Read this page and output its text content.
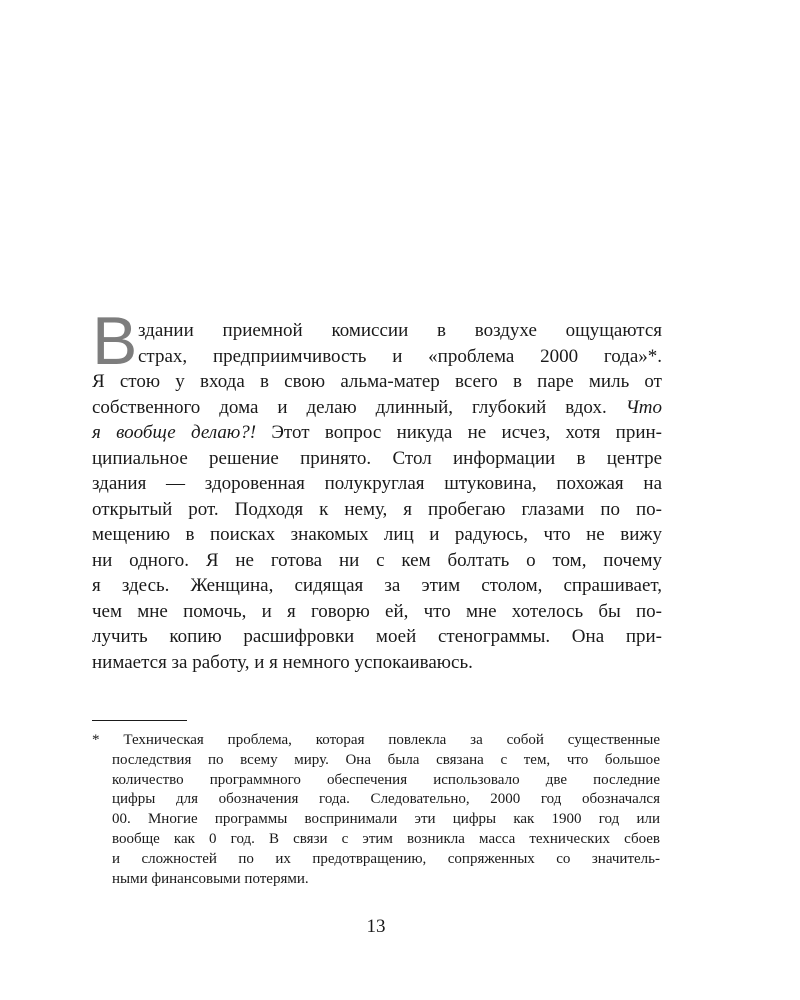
В здании приемной комиссии в воздухе ощущаются
страх, предприимчивость и «проблема 2000 года»*.
Я стою у входа в свою альма-матер всего в паре миль от
собственного дома и делаю длинный, глубокий вдох. Что
я вообще делаю?! Этот вопрос никуда не исчез, хотя прин-
ципиальное решение принято. Стол информации в центре
здания — здоровенная полукруглая штуковина, похожая на
открытый рот. Подходя к нему, я пробегаю глазами по по-
мещению в поисках знакомых лиц и радуюсь, что не вижу
ни одного. Я не готова ни с кем болтать о том, почему
я здесь. Женщина, сидящая за этим столом, спрашивает,
чем мне помочь, и я говорю ей, что мне хотелось бы по-
лучить копию расшифровки моей стенограммы. Она при-
нимается за работу, и я немного успокаиваюсь.
* Техническая проблема, которая повлекла за собой существенные
последствия по всему миру. Она была связана с тем, что большое
количество программного обеспечения использовало две последние
цифры для обозначения года. Следовательно, 2000 год обозначался
00. Многие программы воспринимали эти цифры как 1900 год или
вообще как 0 год. В связи с этим возникла масса технических сбоев
и сложностей по их предотвращению, сопряженных со значитель-
ными финансовыми потерями.
13
